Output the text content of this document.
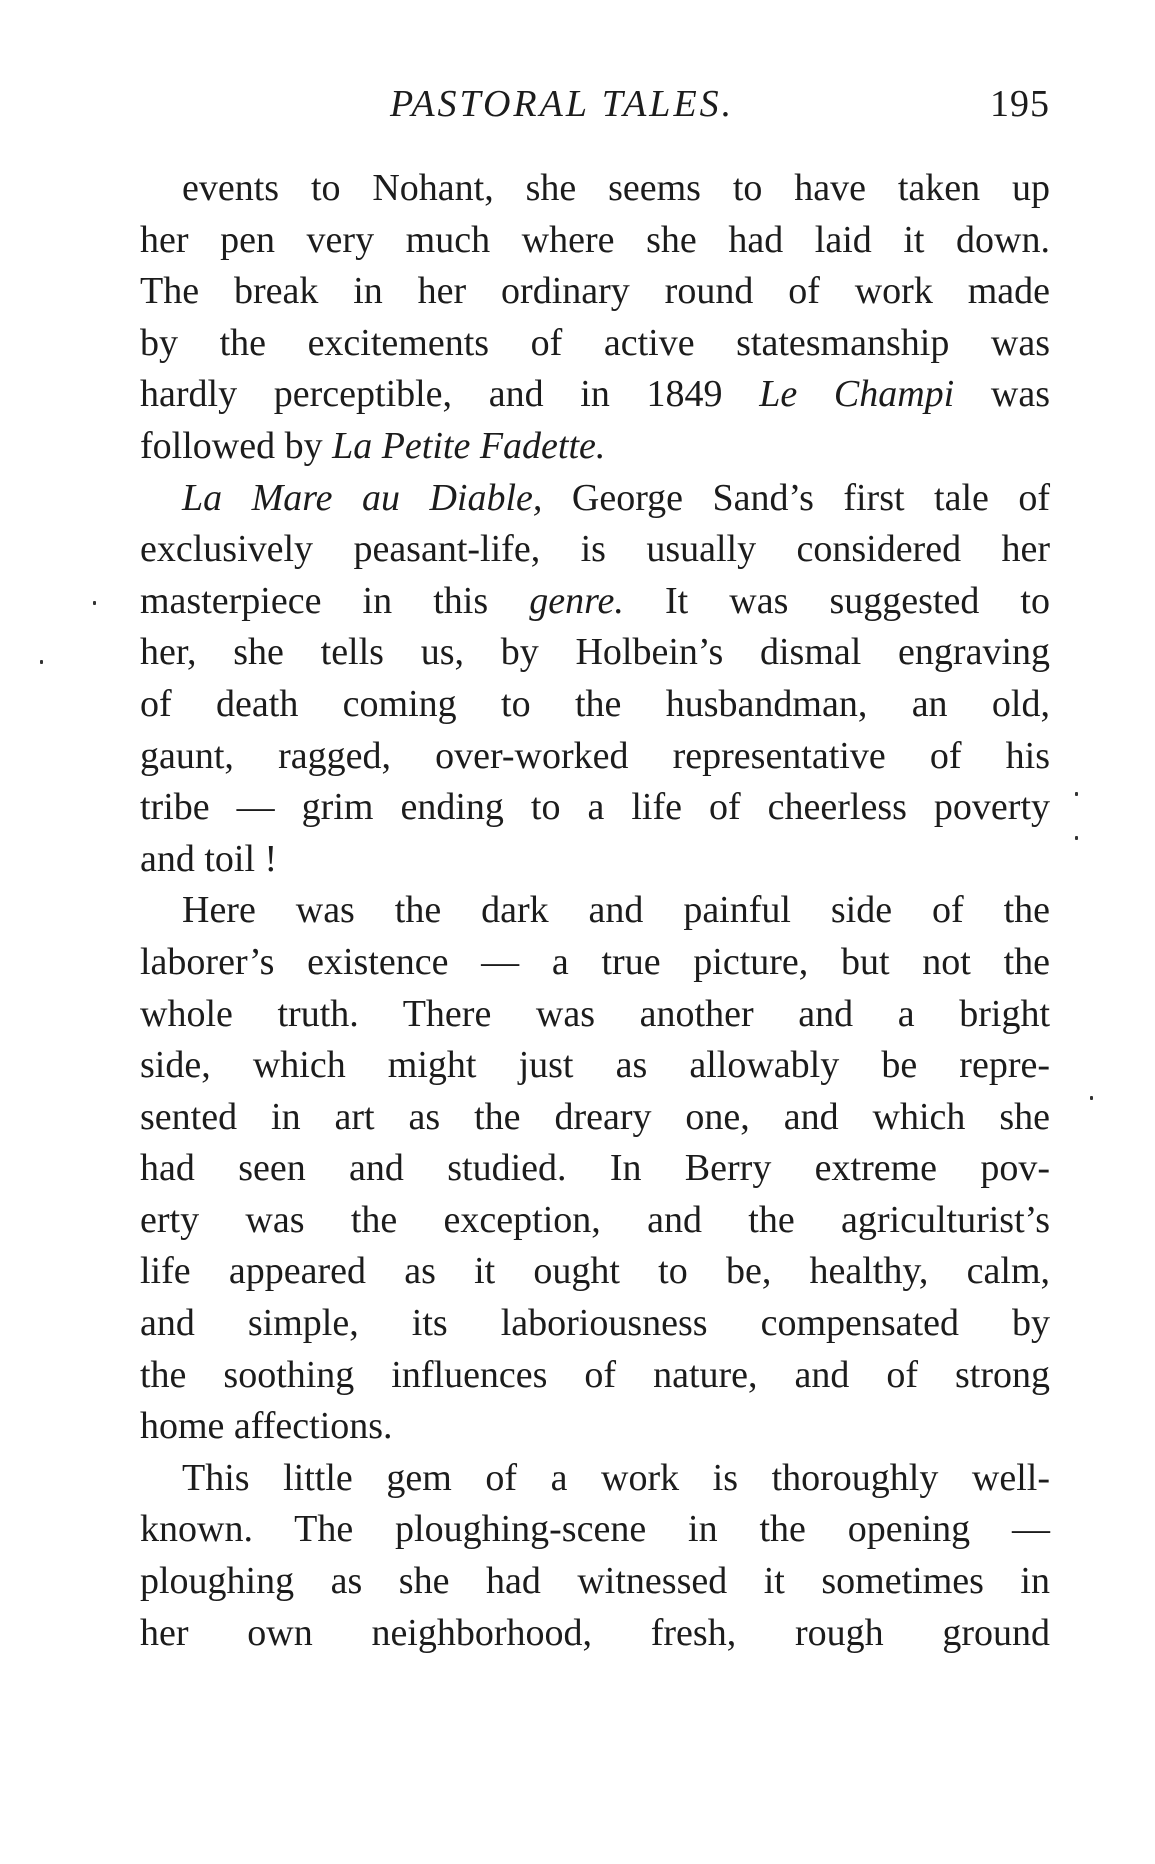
PASTORAL TALES.	195
events to Nohant, she seems to have taken up
her pen very much where she had laid it down.
The break in her ordinary round of work made
by the excitements of active statesmanship was
hardly perceptible, and in 1849 Le Champi was
followed by La Petite Fadette.
La Mare au Diable, George Sand’s first tale of
exclusively peasant-life, is usually considered her
masterpiece in this genre. It was suggested to
her, she tells us, by Holbein’s dismal engraving
of death coming to the husbandman, an old,
gaunt, ragged, over-worked representative of his
tribe — grim ending to a life of cheerless poverty
and toil !
Here was the dark and painful side of the
laborer’s existence — a true picture, but not the
whole truth. There was another and a bright
side, which might just as allowably be repre-
sented in art as the dreary one, and which she
had seen and studied. In Berry extreme pov-
erty was the exception, and the agriculturist’s
life appeared as it ought to be, healthy, calm,
and simple, its laboriousness compensated by
the soothing influences of nature, and of strong
home affections.
This little gem of a work is thoroughly well-
known. The ploughing-scene in the opening —
ploughing as she had witnessed it sometimes in
her own neighborhood, fresh, rough ground
